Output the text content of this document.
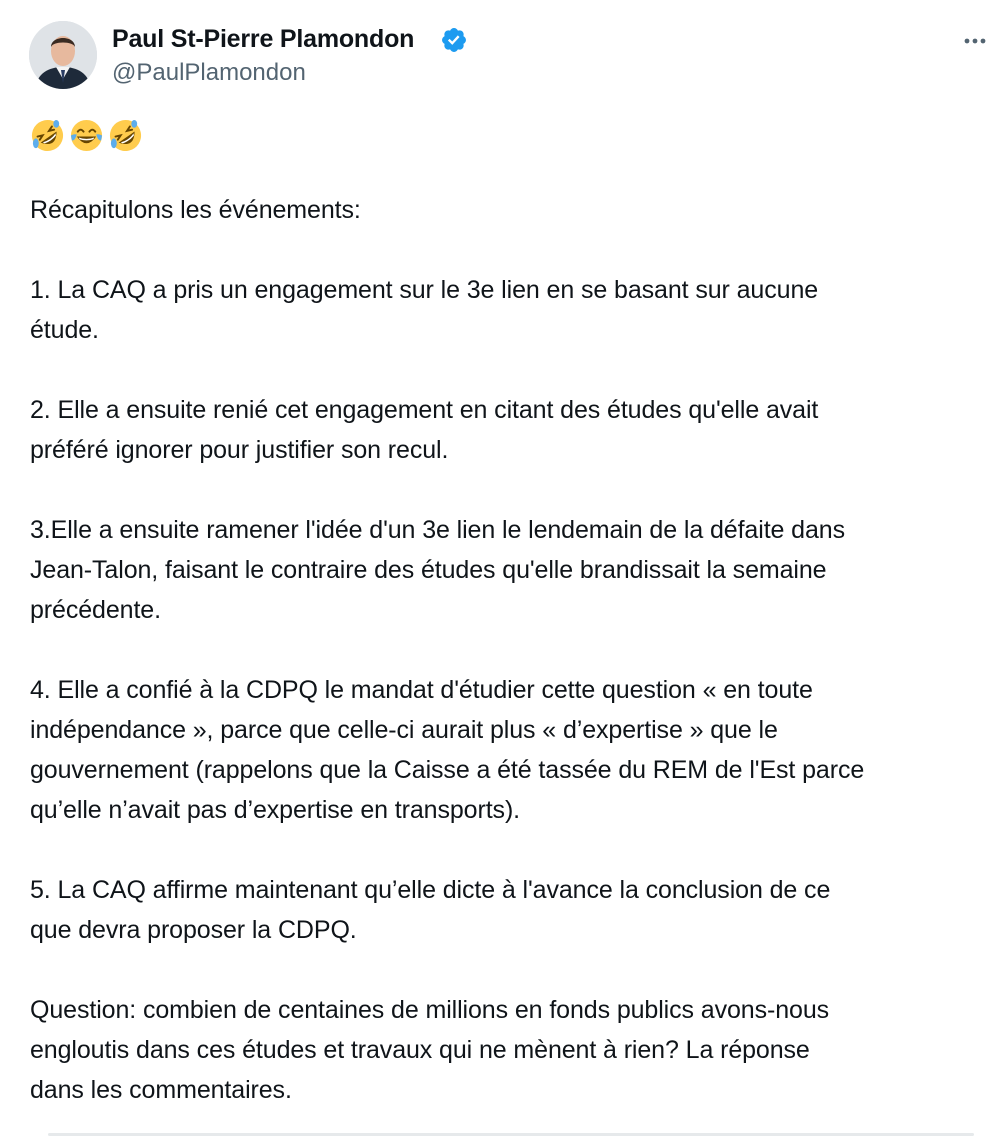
Paul St-Pierre Plamondon
@PaulPlamondon
Récapitulons les événements:

1. La CAQ a pris un engagement sur le 3e lien en se basant sur aucune
étude.

2. Elle a ensuite renié cet engagement en citant des études qu'elle avait
préféré ignorer pour justifier son recul.

3.Elle a ensuite ramener l'idée d'un 3e lien le lendemain de la défaite dans
Jean-Talon, faisant le contraire des études qu'elle brandissait la semaine
précédente.

4. Elle a confié à la CDPQ le mandat d'étudier cette question « en toute
indépendance », parce que celle-ci aurait plus « d’expertise » que le
gouvernement (rappelons que la Caisse a été tassée du REM de l'Est parce
qu’elle n’avait pas d’expertise en transports).

5. La CAQ affirme maintenant qu’elle dicte à l'avance la conclusion de ce
que devra proposer la CDPQ.

Question: combien de centaines de millions en fonds publics avons-nous
engloutis dans ces études et travaux qui ne mènent à rien? La réponse
dans les commentaires.
